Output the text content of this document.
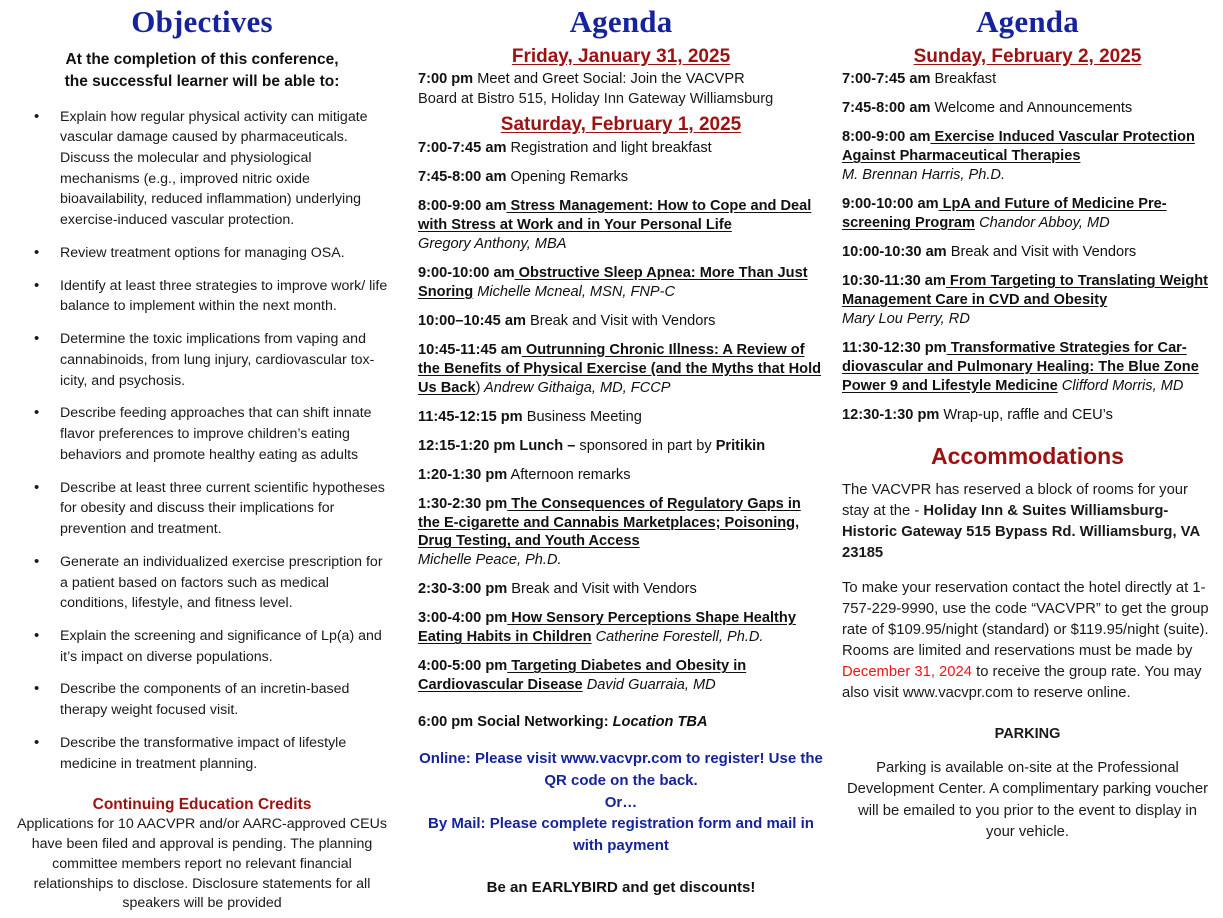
Objectives
At the completion of this conference,
the successful learner will be able to:
• Explain how regular physical activity can mitigate vascular damage caused by pharmaceuticals. Discuss the molecular and physiological mechanisms (e.g., improved nitric oxide bioavailability, reduced inflammation) underlying exercise-induced vascular protection.
• Review treatment options for managing OSA.
• Identify at least three strategies to improve work/ life balance to implement within the next month.
• Determine the toxic implications from vaping and cannabinoids, from lung injury, cardiovascular tox-icity, and psychosis.
• Describe feeding approaches that can shift innate flavor preferences to improve children’s eating behaviors and promote healthy eating as adults
• Describe at least three current scientific hypotheses for obesity and discuss their implications for prevention and treatment.
• Generate an individualized exercise prescription for a patient based on factors such as medical conditions, lifestyle, and fitness level.
• Explain the screening and significance of Lp(a) and it’s impact on diverse populations.
• Describe the components of an incretin-based therapy weight focused visit.
• Describe the transformative impact of lifestyle medicine in treatment planning.
Continuing Education Credits

Applications for 10 AACVPR and/or AARC-approved CEUs have been filed and approval is pending. The planning committee members report no relevant financial relationships to disclose. Disclosure statements for all speakers will be provided

Agenda
Friday, January 31, 2025
7:00 pm Meet and Greet Social: Join the VACVPR
Board at Bistro 515, Holiday Inn Gateway Williamsburg
Saturday, February 1, 2025
7:00-7:45 am Registration and light breakfast
7:45-8:00 am Opening Remarks
8:00-9:00 am Stress Management: How to Cope and Deal with Stress at Work and in Your Personal Life
Gregory Anthony, MBA
9:00-10:00 am Obstructive Sleep Apnea: More Than Just Snoring Michelle Mcneal, MSN, FNP-C
10:00–10:45 am Break and Visit with Vendors
10:45-11:45 am Outrunning Chronic Illness: A Review of the Benefits of Physical Exercise (and the Myths that Hold Us Back) Andrew Githaiga, MD, FCCP
11:45-12:15 pm Business Meeting
12:15-1:20 pm Lunch – sponsored in part by Pritikin
1:20-1:30 pm Afternoon remarks
1:30-2:30 pm The Consequences of Regulatory Gaps in the E-cigarette and Cannabis Marketplaces; Poisoning, Drug Testing, and Youth Access
Michelle Peace, Ph.D.
2:30-3:00 pm Break and Visit with Vendors
3:00-4:00 pm How Sensory Perceptions Shape Healthy Eating Habits in Children Catherine Forestell, Ph.D.
4:00-5:00 pm Targeting Diabetes and Obesity in Cardiovascular Disease David Guarraia, MD
6:00 pm Social Networking: Location TBA
Online: Please visit www.vacvpr.com to register! Use the QR code on the back.
Or…
By Mail: Please complete registration form and mail in with payment
Be an EARLYBIRD and get discounts!
Agenda
Sunday, February 2, 2025
7:00-7:45 am Breakfast
7:45-8:00 am Welcome and Announcements
8:00-9:00 am Exercise Induced Vascular Protection Against Pharmaceutical Therapies
M. Brennan Harris, Ph.D.
9:00-10:00 am LpA and Future of Medicine Pre-screening Program Chandor Abboy, MD
10:00-10:30 am Break and Visit with Vendors
10:30-11:30 am From Targeting to Translating Weight Management Care in CVD and Obesity
Mary Lou Perry, RD
11:30-12:30 pm Transformative Strategies for Car-diovascular and Pulmonary Healing: The Blue Zone Power 9 and Lifestyle Medicine Clifford Morris, MD
12:30-1:30 pm Wrap-up, raffle and CEU’s
Accommodations

The VACVPR has reserved a block of rooms for your stay at the - Holiday Inn & Suites Williamsburg-Historic Gateway 515 Bypass Rd. Williamsburg, VA 23185

To make your reservation contact the hotel directly at 1-757-229-9990, use the code “VACVPR” to get the group rate of $109.95/night (standard) or $119.95/night (suite). Rooms are limited and reservations must be made by December 31, 2024 to receive the group rate. You may also visit www.vacvpr.com to reserve online.

PARKING

Parking is available on-site at the Professional Development Center. A complimentary parking voucher will be emailed to you prior to the event to display in your vehicle.
